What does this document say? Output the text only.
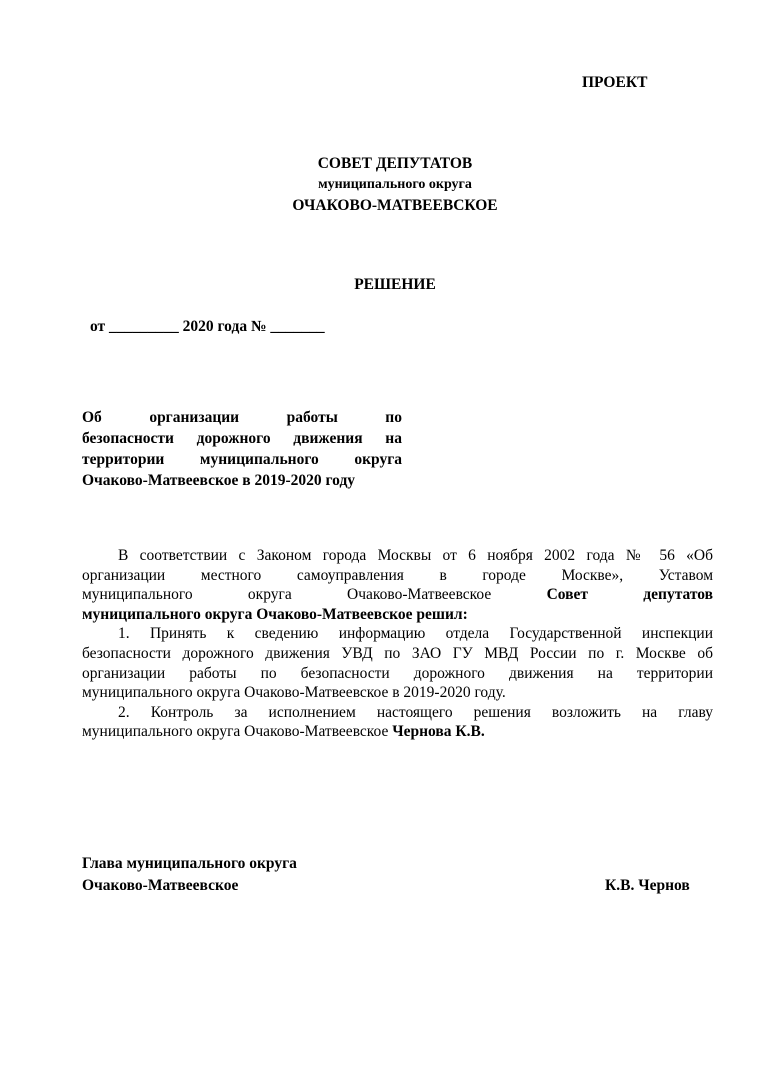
ПРОЕКТ
СОВЕТ ДЕПУТАТОВ
муниципального округа
ОЧАКОВО-МАТВЕЕВСКОЕ
РЕШЕНИЕ
от _________ 2020 года № _______
Об организации работы по
безопасности дорожного движения на
территории муниципального округа
Очаково-Матвеевское в 2019-2020 году
В соответствии с Законом города Москвы от 6 ноября 2002 года № 56 «Об
организации местного самоуправления в городе Москве», Уставом
муниципального округа Очаково-Матвеевское Совет депутатов
муниципального округа Очаково-Матвеевское решил:
1. Принять к сведению информацию отдела Государственной инспекции
безопасности дорожного движения УВД по ЗАО ГУ МВД России по г. Москве об
организации работы по безопасности дорожного движения на территории
муниципального округа Очаково-Матвеевское в 2019-2020 году.
2. Контроль за исполнением настоящего решения возложить на главу
муниципального округа Очаково-Матвеевское Чернова К.В.
Глава муниципального округа
Очаково-Матвеевское	К.В. Чернов
